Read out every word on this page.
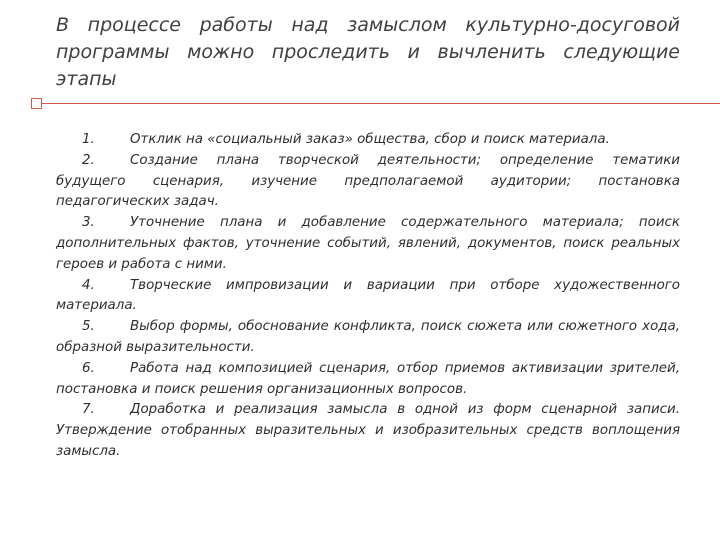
В процессе работы над замыслом культурно-досуговой программы можно проследить и вычленить следующие этапы
1.	Отклик на «социальный заказ» общества, сбор и поиск материала.
2.	Создание плана творческой деятельности; определение тематики будущего сценария, изучение предполагаемой аудитории; постановка педагогических задач.
3.	Уточнение плана и добавление содержательного материала; поиск дополнительных фактов, уточнение событий, явлений, документов, поиск реальных героев и работа с ними.
4.	Творческие импровизации и вариации при отборе художественного материала.
5.	Выбор формы, обоснование конфликта, поиск сюжета или сюжетного хода, образной выразительности.
6.	Работа над композицией сценария, отбор приемов активизации зрителей, постановка и поиск решения организационных вопросов.
7.	Доработка и реализация замысла в одной из форм сценарной записи. Утверждение отобранных выразительных и изобразительных средств воплощения замысла.
